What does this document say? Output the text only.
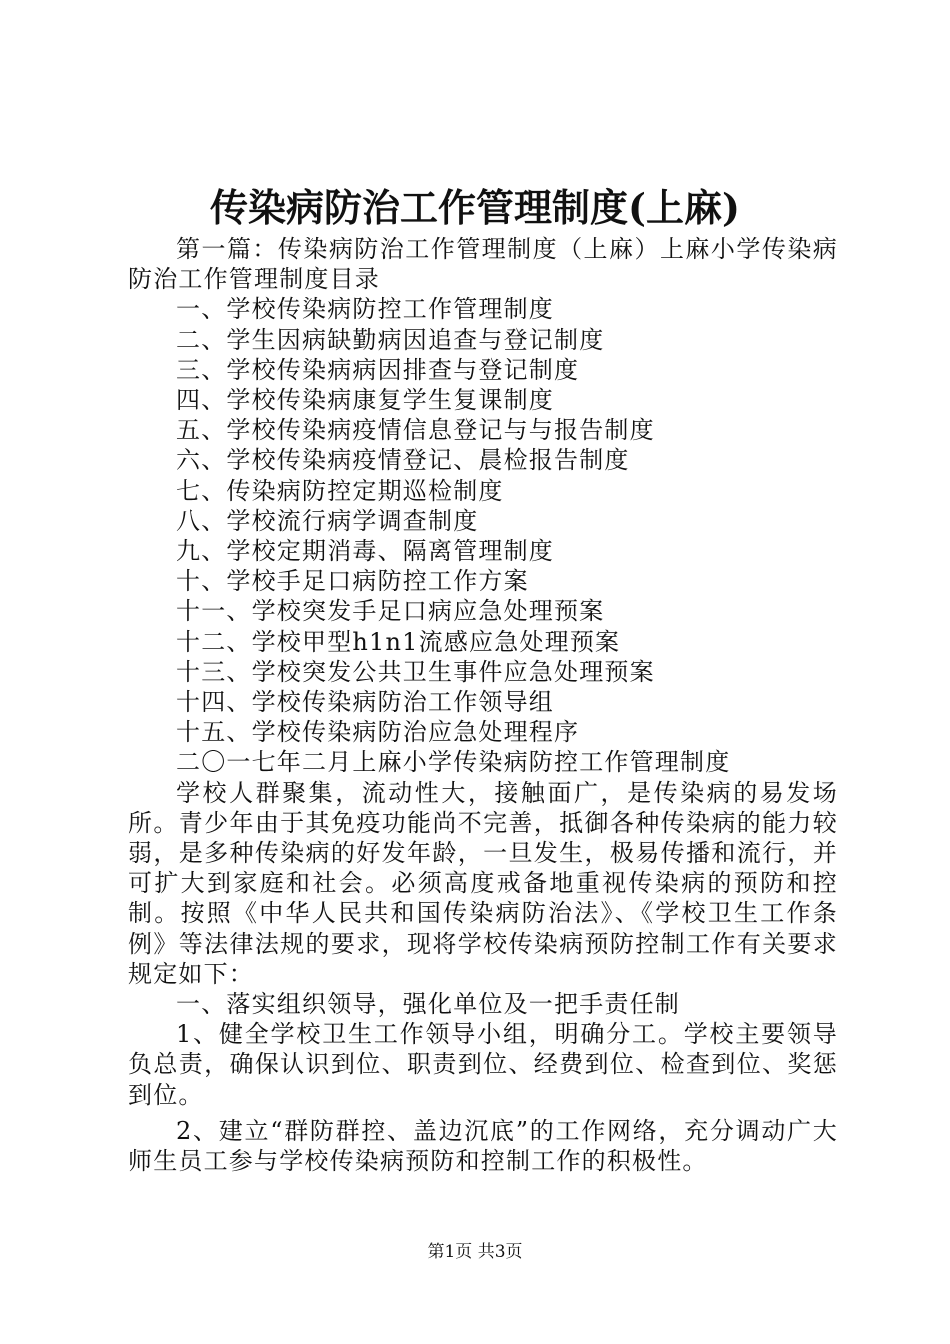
传染病防治工作管理制度(上麻)

第一篇：传染病防治工作管理制度（上麻）上麻小学传染病防治工作管理制度目录

一、学校传染病防控工作管理制度

二、学生因病缺勤病因追查与登记制度

三、学校传染病病因排查与登记制度

四、学校传染病康复学生复课制度

五、学校传染病疫情信息登记与与报告制度

六、学校传染病疫情登记、晨检报告制度

七、传染病防控定期巡检制度

八、学校流行病学调查制度

九、学校定期消毒、隔离管理制度

十、学校手足口病防控工作方案

十一、学校突发手足口病应急处理预案

十二、学校甲型h1n1流感应急处理预案

十三、学校突发公共卫生事件应急处理预案

十四、学校传染病防治工作领导组

十五、学校传染病防治应急处理程序

二〇一七年二月上麻小学传染病防控工作管理制度

学校人群聚集，流动性大，接触面广，是传染病的易发场所。青少年由于其免疫功能尚不完善，抵御各种传染病的能力较弱，是多种传染病的好发年龄，一旦发生，极易传播和流行，并可扩大到家庭和社会。必须高度戒备地重视传染病的预防和控制。按照《中华人民共和国传染病防治法》、《学校卫生工作条例》等法律法规的要求，现将学校传染病预防控制工作有关要求规定如下：

一、落实组织领导，强化单位及一把手责任制

1、健全学校卫生工作领导小组，明确分工。学校主要领导负总责，确保认识到位、职责到位、经费到位、检查到位、奖惩到位。

2、建立“群防群控、盖边沉底”的工作网络，充分调动广大师生员工参与学校传染病预防和控制工作的积极性。

第1页 共3页
